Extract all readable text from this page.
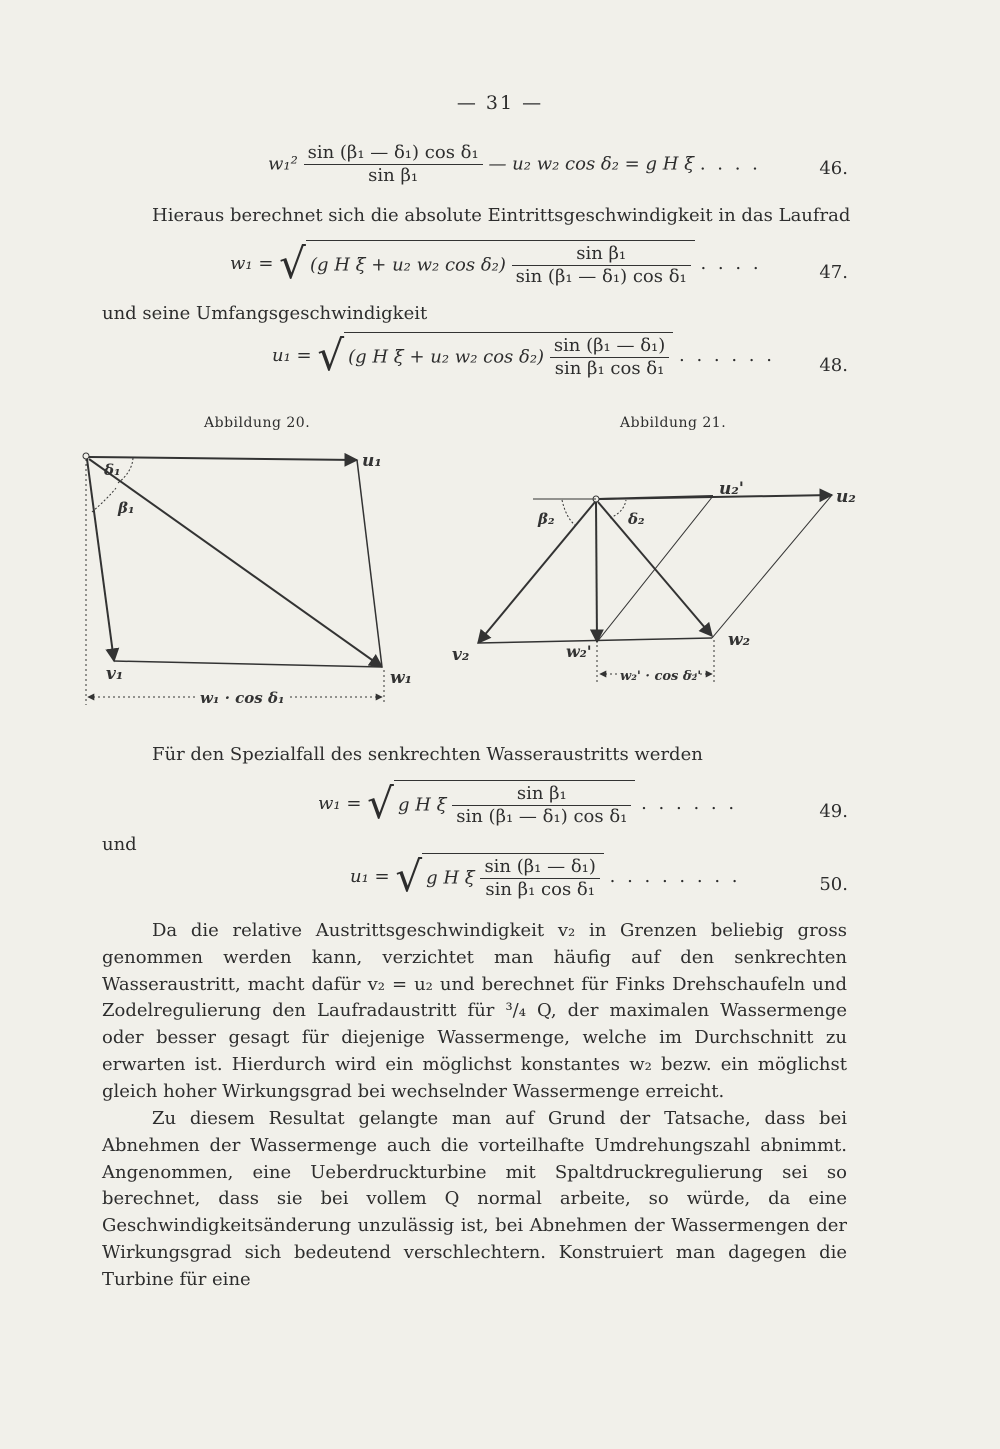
— 31 —
$w_1^2 \frac{\text{sin (β₁ — δ₁) cos δ₁}}{\text{sin β₁}}$ — u₂ w₂ cos δ₂ = g H ξ . . . .	46.
Hieraus berechnet sich die absolute Eintrittsgeschwindigkeit in das Laufrad
w₁ = √ (g H ξ + u₂ w₂ $\cos \delta_2) \frac{\text{sin β₁}}{\text{sin (β₁ — δ₁) cos δ₁}}$ . . . .	47.
und seine Umfangsgeschwindigkeit
u₁ = √ (g H ξ + u₂ w₂ $\cos \delta_2) \frac{\text{sin (β₁ — δ₁)}}{\text{sin β₁ cos δ₁}}$ . . . . . . 48.
Abbildung 20.	Abbildung 21.
u₁
v₁	w₁
δ₁
β₁
w₁ · cos δ₁
u₂
u₂'
v₂	w₂'
w₂
β₂	δ₂
w₂' · cos δ₂'
Für den Spezialfall des senkrechten Wasseraustritts werden
w₁ = √ g H ξ $\frac{\text{sin β₁}}{\text{sin (β₁ — δ₁) cos δ₁}}$ . . . . . .	49.
und
u₁ = √ g H ξ $\frac{\text{sin (β₁ — δ₁)}}{\text{sin β₁ cos δ₁}}$ . . . . . . . .	50.

Da die relative Austrittsgeschwindigkeit v₂ in Grenzen beliebig gross genommen werden kann, verzichtet man häufig auf den senkrechten Wasseraustritt, macht dafür v₂ = u₂ und berechnet für Finks Drehschaufeln und Zodelregulierung den Laufradaustritt für ³/₄ Q, der maximalen Wassermenge oder besser gesagt für diejenige Wassermenge, welche im Durchschnitt zu erwarten ist. Hierdurch wird ein möglichst konstantes w₂ bezw. ein möglichst gleich hoher Wirkungsgrad bei wechselnder Wassermenge erreicht.

Zu diesem Resultat gelangte man auf Grund der Tatsache, dass bei Abnehmen der Wassermenge auch die vorteilhafte Umdrehungszahl abnimmt. Angenommen, eine Ueberdruckturbine mit Spaltdruckregulierung sei so berechnet, dass sie bei vollem Q normal arbeite, so würde, da eine Geschwindigkeitsänderung unzulässig ist, bei Abnehmen der Wassermengen der Wirkungsgrad sich bedeutend verschlechtern. Konstruiert man dagegen die Turbine für eine
